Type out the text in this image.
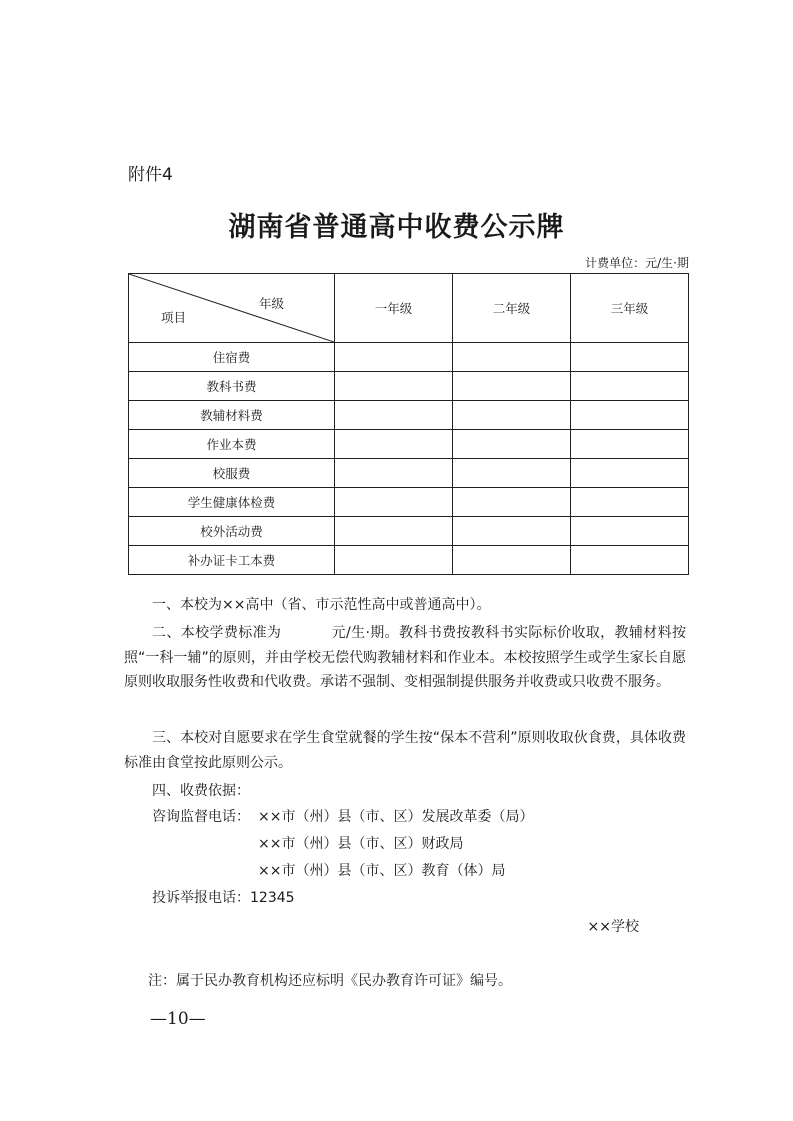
附件4
湖南省普通高中收费公示牌
计费单位：元/生·期
年级
项目	一年级	二年级	三年级
住宿费			
教科书费			
教辅材料费			
作业本费			
校服费			
学生健康体检费			
校外活动费			
补办证卡工本费			

一、本校为××高中（省、市示范性高中或普通高中）。

二、本校学费标准为	元/生·期。教科书费按教科书实际标价收取，教辅材料按照“一科一辅”的原则，并由学校无偿代购教辅材料和作业本。本校按照学生或学生家长自愿原则收取服务性收费和代收费。承诺不强制、变相强制提供服务并收费或只收费不服务。

三、本校对自愿要求在学生食堂就餐的学生按“保本不营利”原则收取伙食费，具体收费标准由食堂按此原则公示。

四、收费依据：

咨询监督电话： ××市（州）县（市、区）发展改革委（局）
××市（州）县（市、区）财政局
××市（州）县（市、区）教育（体）局
投诉举报电话：12345
××学校
注：属于民办教育机构还应标明《民办教育许可证》编号。
—10—
